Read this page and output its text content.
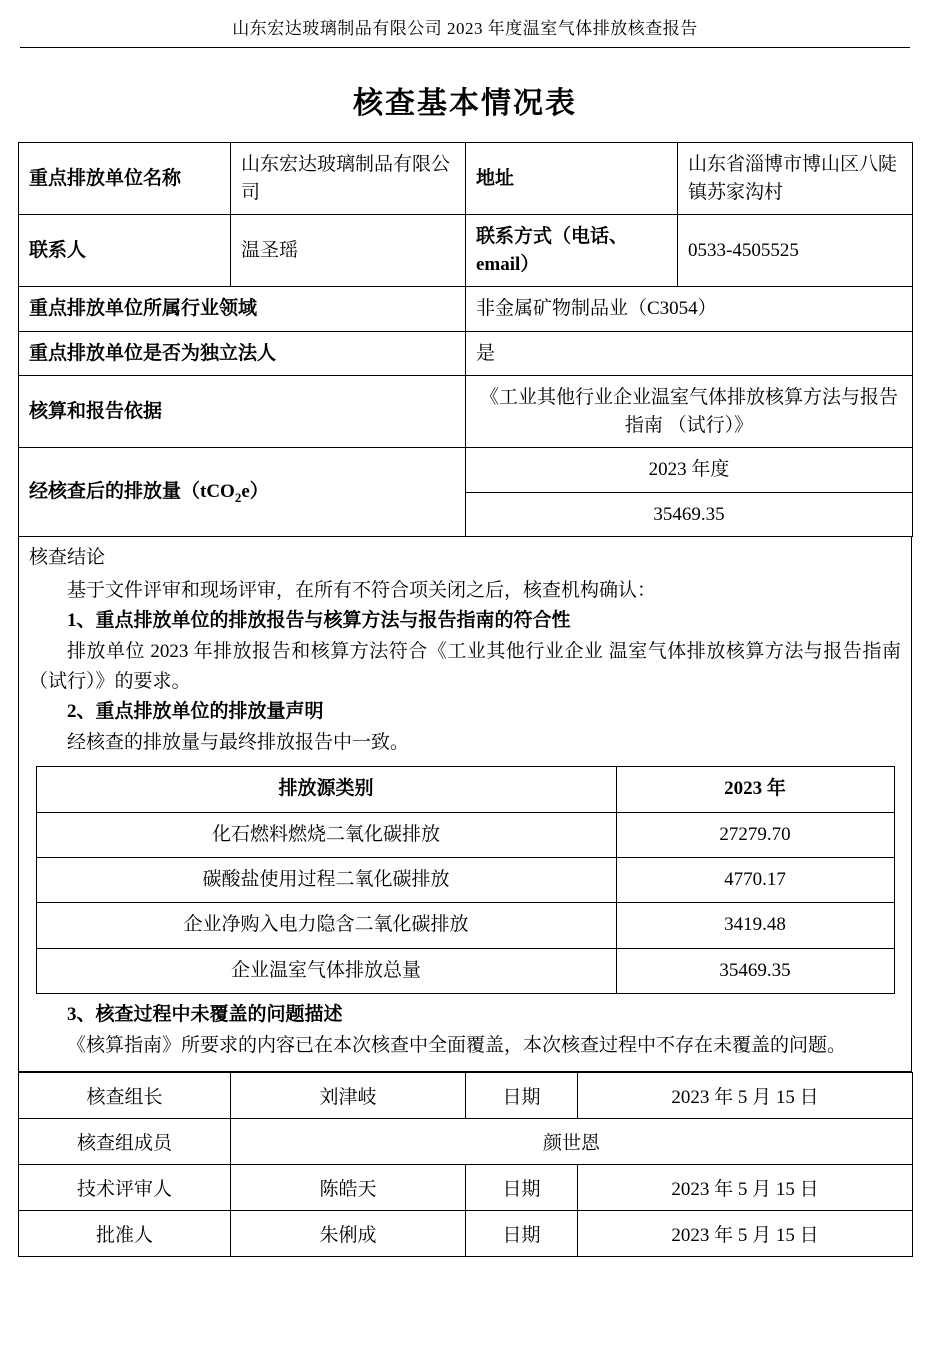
山东宏达玻璃制品有限公司 2023 年度温室气体排放核查报告
核查基本情况表
重点排放单位名称	山东宏达玻璃制品有限公司	地址	山东省淄博市博山区八陡镇苏家沟村
联系人	温圣瑶	联系方式（电话、email）	0533-4505525
重点排放单位所属行业领域		非金属矿物制品业（C3054）	
重点排放单位是否为独立法人		是	
核算和报告依据		《工业其他行业企业温室气体排放核算方法与报告指南 （试行）》	
经核查后的排放量（tCO$_2$e）		2023 年度	
		35469.35	
核查结论

基于文件评审和现场评审，在所有不符合项关闭之后，核查机构确认：

1、重点排放单位的排放报告与核算方法与报告指南的符合性

排放单位 2023 年排放报告和核算方法符合《工业其他行业企业 温室气体排放核算方法与报告指南 （试行）》的要求。

2、重点排放单位的排放量声明

经核查的排放量与最终排放报告中一致。

排放源类别	2023 年
化石燃料燃烧二氧化碳排放	27279.70
碳酸盐使用过程二氧化碳排放	4770.17
企业净购入电力隐含二氧化碳排放	3419.48
企业温室气体排放总量	35469.35

3、核查过程中未覆盖的问题描述

《核算指南》所要求的内容已在本次核查中全面覆盖，本次核查过程中不存在未覆盖的问题。

核查组长	刘津岐	日期	2023 年 5 月 15 日
核查组成员	颜世恩		
技术评审人	陈皓天	日期	2023 年 5 月 15 日
批准人	朱俐成	日期	2023 年 5 月 15 日
